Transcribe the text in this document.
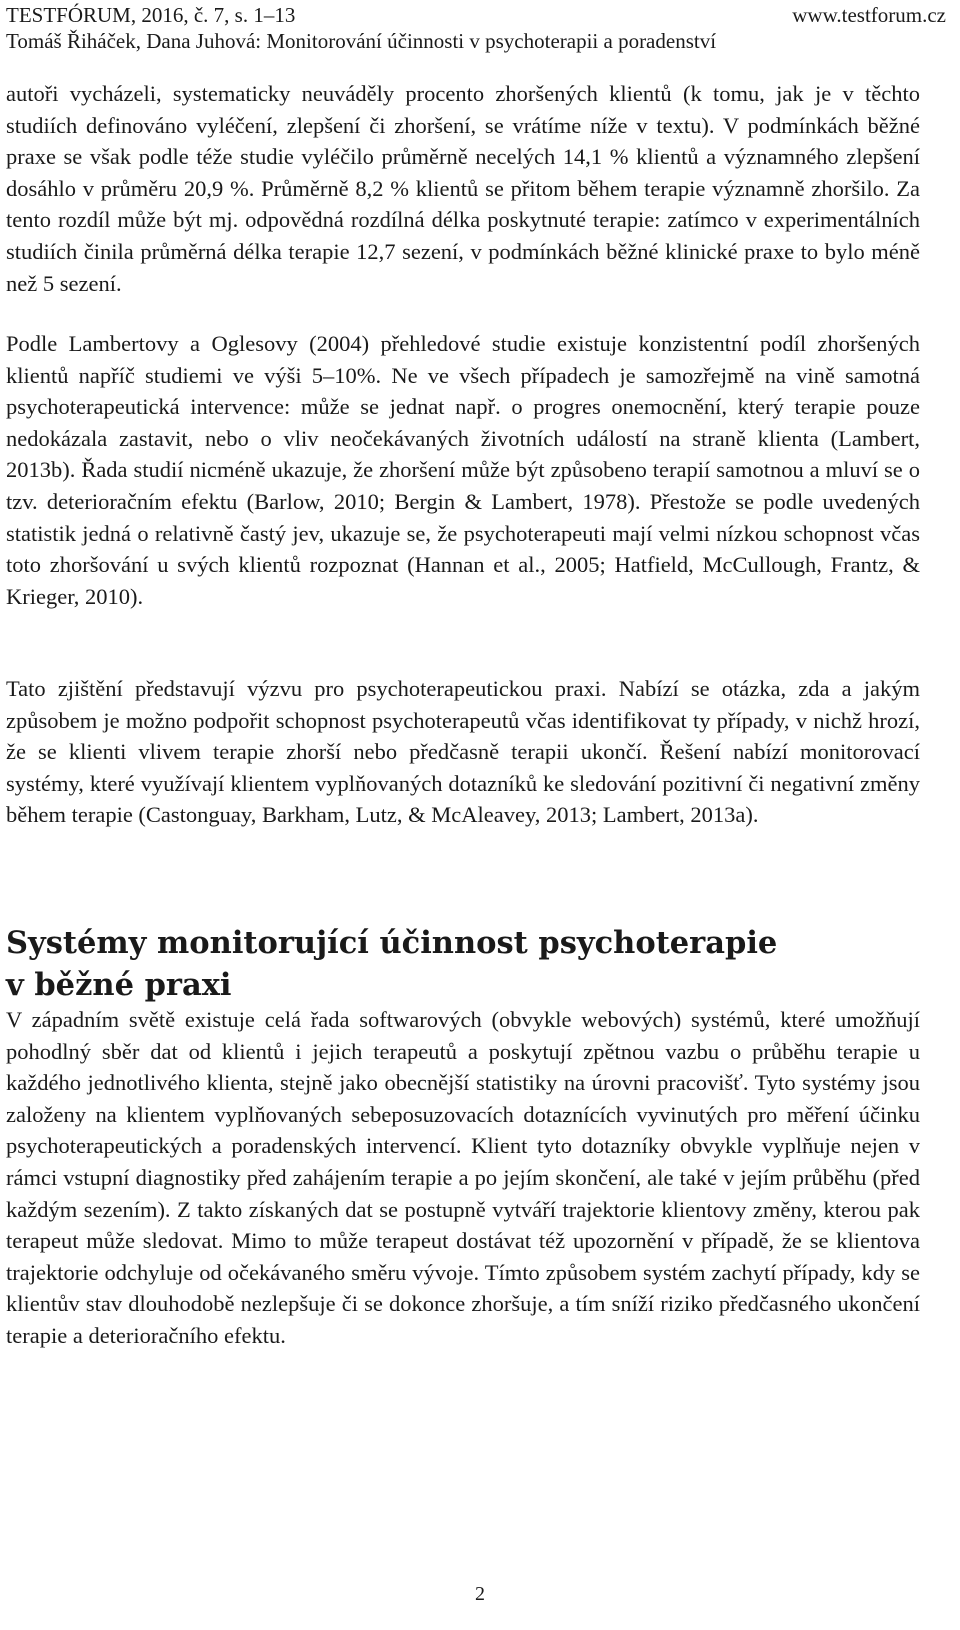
TESTFÓRUM, 2016, č. 7, s. 1–13	www.testforum.cz
Tomáš Řiháček, Dana Juhová: Monitorování účinnosti v psychoterapii a poradenství

autoři vycházeli, systematicky neuváděly procento zhoršených klientů (k tomu, jak je v těchto studiích definováno vyléčení, zlepšení či zhoršení, se vrátíme níže v textu). V podmínkách běžné praxe se však podle téže studie vyléčilo průměrně necelých 14,1 % klientů a významného zlepšení dosáhlo v průměru 20,9 %. Průměrně 8,2 % klientů se přitom během terapie významně zhoršilo. Za tento rozdíl může být mj. odpovědná rozdílná délka poskytnuté terapie: zatímco v experimentálních studiích činila průměrná délka terapie 12,7 sezení, v podmínkách běžné klinické praxe to bylo méně než 5 sezení.

Podle Lambertovy a Oglesovy (2004) přehledové studie existuje konzistentní podíl zhoršených klientů napříč studiemi ve výši 5–10%. Ne ve všech případech je samozřejmě na vině samotná psychoterapeutická intervence: může se jednat např. o progres onemocnění, který terapie pouze nedokázala zastavit, nebo o vliv neočekávaných životních událostí na straně klienta (Lambert, 2013b). Řada studií nicméně ukazuje, že zhoršení může být způsobeno terapií samotnou a mluví se o tzv. deterioračním efektu (Barlow, 2010; Bergin & Lambert, 1978). Přestože se podle uvedených statistik jedná o relativně častý jev, ukazuje se, že psychoterapeuti mají velmi nízkou schopnost včas toto zhoršování u svých klientů rozpoznat (Hannan et al., 2005; Hatfield, McCullough, Frantz, & Krieger, 2010).

Tato zjištění představují výzvu pro psychoterapeutickou praxi. Nabízí se otázka, zda a jakým způsobem je možno podpořit schopnost psychoterapeutů včas identifikovat ty případy, v nichž hrozí, že se klienti vlivem terapie zhorší nebo předčasně terapii ukončí. Řešení nabízí monitorovací systémy, které využívají klientem vyplňovaných dotazníků ke sledování pozitivní či negativní změny během terapie (Castonguay, Barkham, Lutz, & McAleavey, 2013; Lambert, 2013a).

Systémy monitorující účinnost psychoterapie
v běžné praxi

V západním světě existuje celá řada softwarových (obvykle webových) systémů, které umožňují pohodlný sběr dat od klientů i jejich terapeutů a poskytují zpětnou vazbu o průběhu terapie u každého jednotlivého klienta, stejně jako obecnější statistiky na úrovni pracovišť. Tyto systémy jsou založeny na klientem vyplňovaných sebeposuzovacích dotaznících vyvinutých pro měření účinku psychoterapeutických a poradenských intervencí. Klient tyto dotazníky obvykle vyplňuje nejen v rámci vstupní diagnostiky před zahájením terapie a po jejím skončení, ale také v jejím průběhu (před každým sezením). Z takto získaných dat se postupně vytváří trajektorie klientovy změny, kterou pak terapeut může sledovat. Mimo to může terapeut dostávat též upozornění v případě, že se klientova trajektorie odchyluje od očekávaného směru vývoje. Tímto způsobem systém zachytí případy, kdy se klientův stav dlouhodobě nezlepšuje či se dokonce zhoršuje, a tím sníží riziko předčasného ukončení terapie a deterioračního efektu.

2
